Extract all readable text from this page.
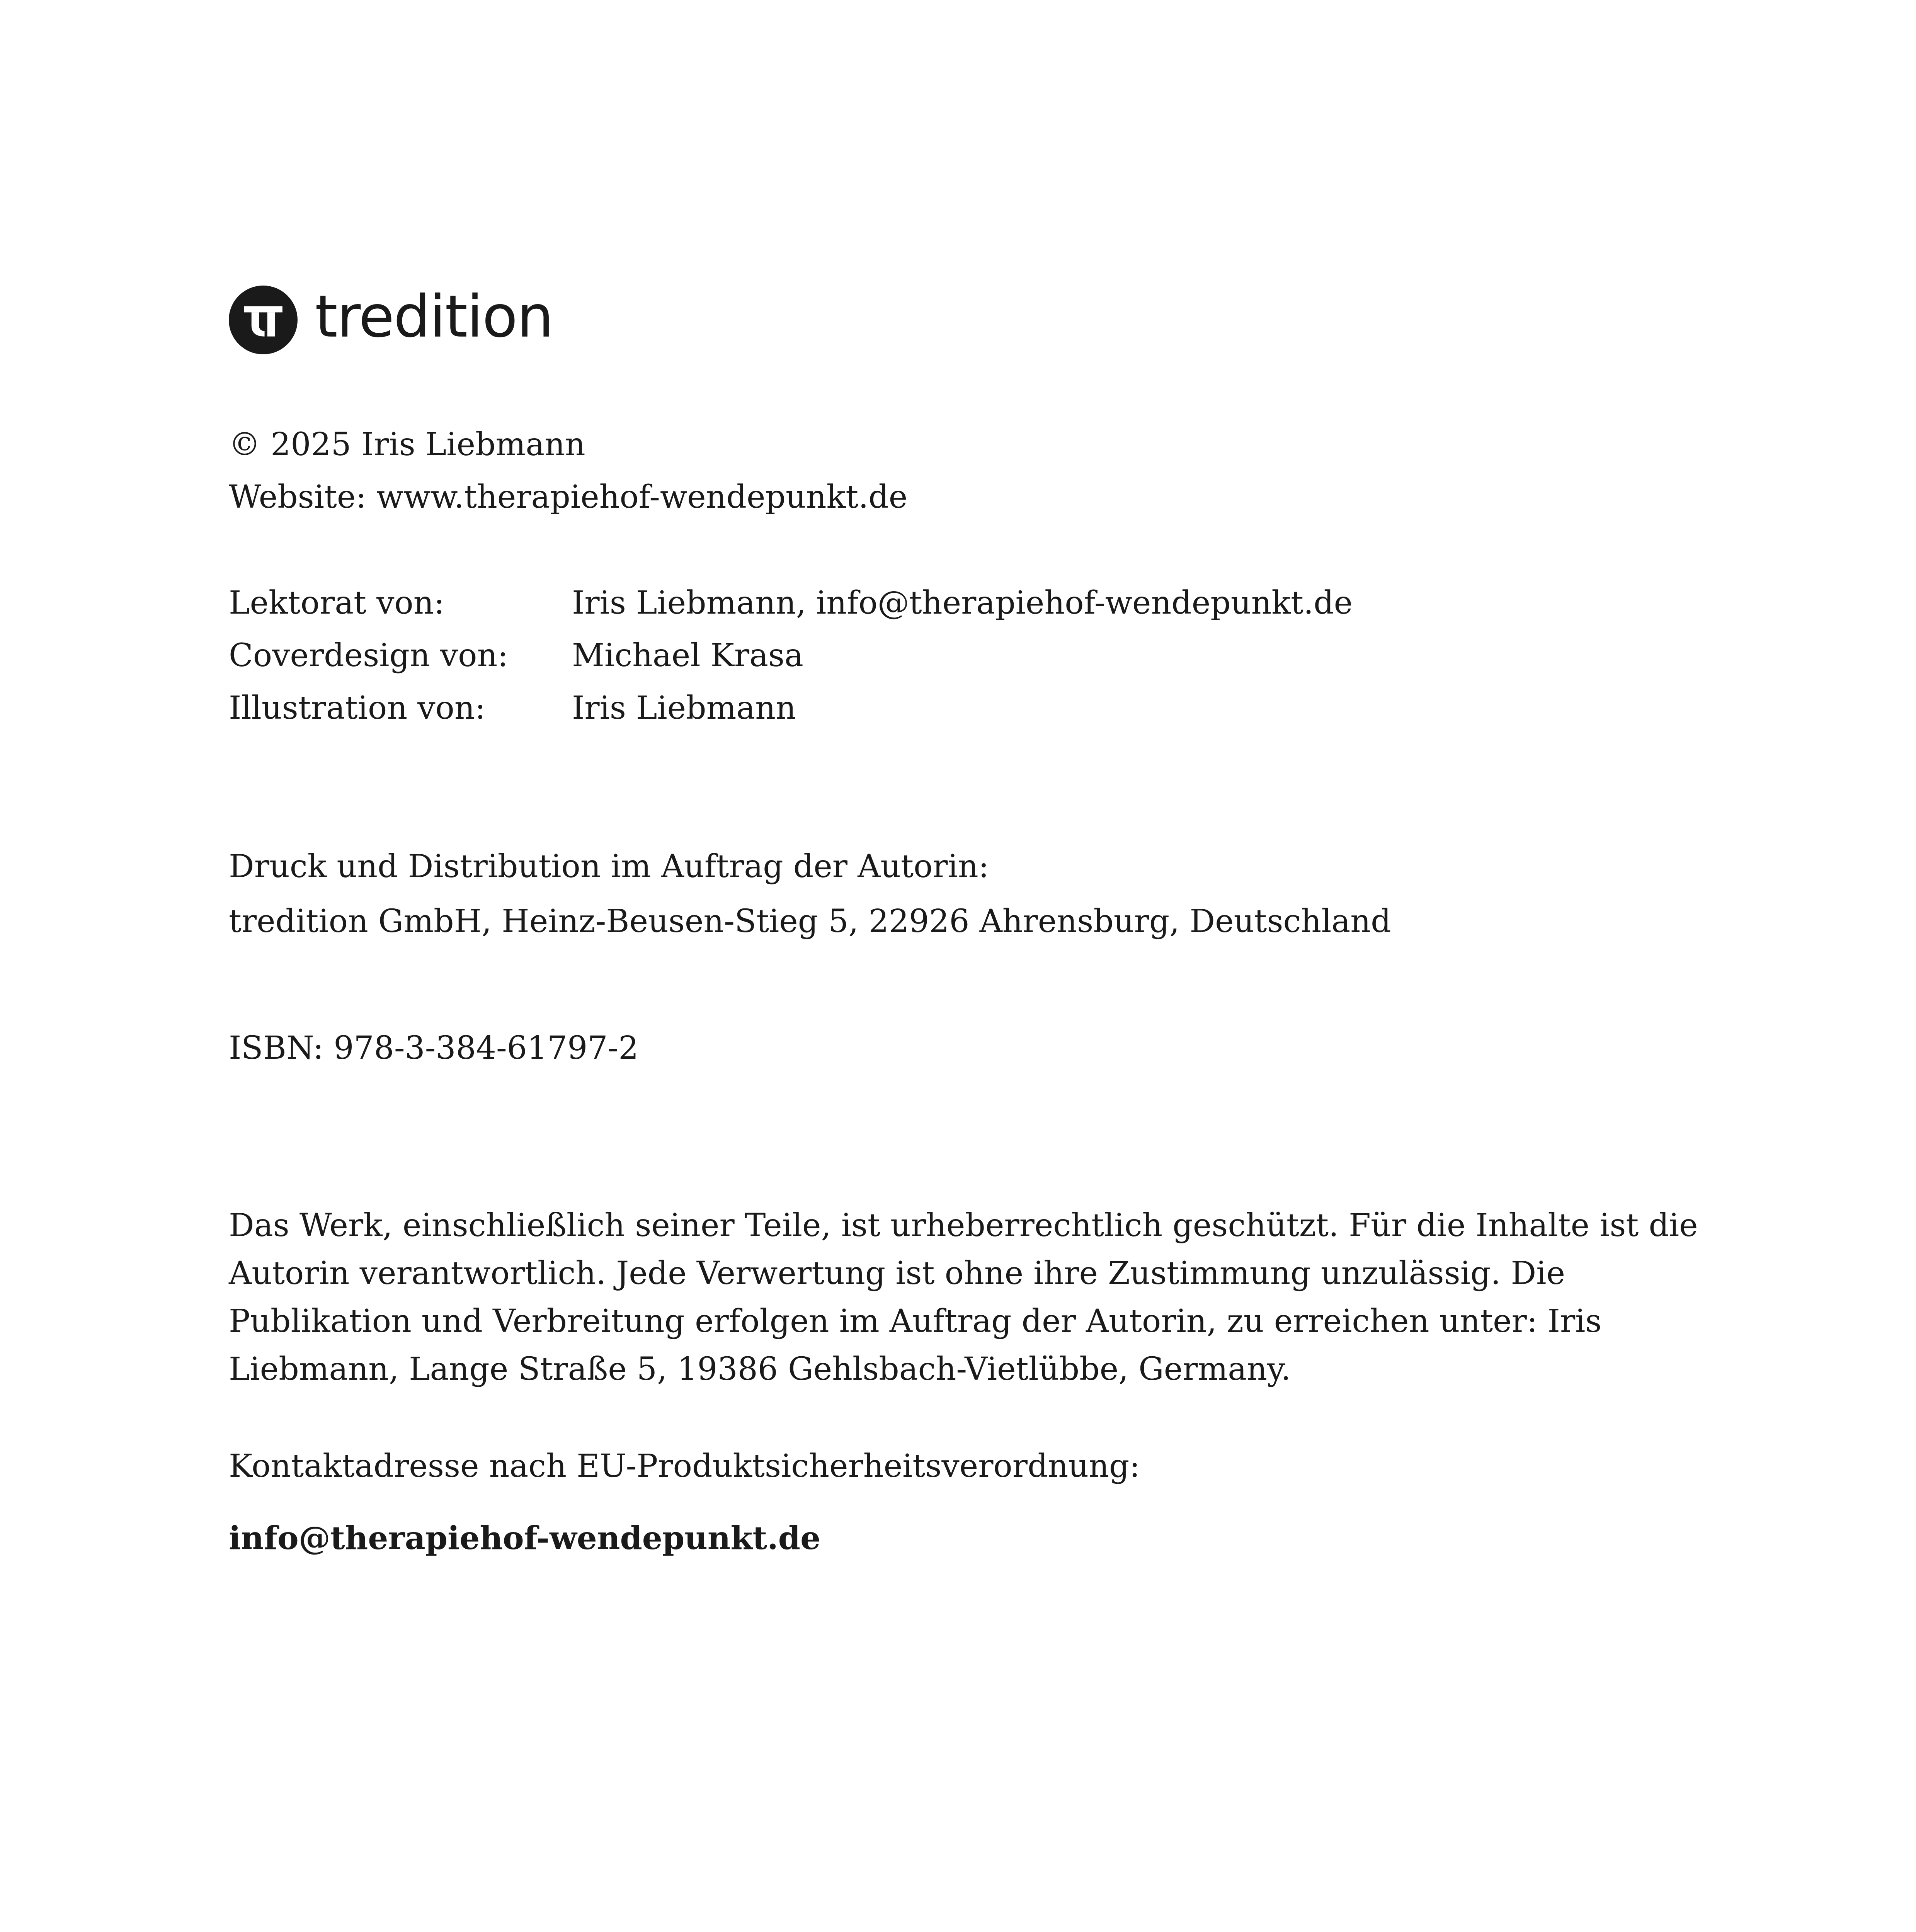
tredition
© 2025 Iris Liebmann
Website: www.therapiehof-wendepunkt.de
Lektorat von:	Iris Liebmann, info@therapiehof-wendepunkt.de
Coverdesign von: Michael Krasa
Illustration von:	Iris Liebmann
Druck und Distribution im Auftrag der Autorin:
tredition GmbH, Heinz-Beusen-Stieg 5, 22926 Ahrensburg, Deutschland
ISBN: 978-3-384-61797-2
Das Werk, einschließlich seiner Teile, ist urheberrechtlich geschützt. Für die Inhalte ist die
Autorin verantwortlich. Jede Verwertung ist ohne ihre Zustimmung unzulässig. Die
Publikation und Verbreitung erfolgen im Auftrag der Autorin, zu erreichen unter: Iris
Liebmann, Lange Straße 5, 19386 Gehlsbach-Vietlübbe, Germany.
Kontaktadresse nach EU-Produktsicherheitsverordnung:
info@therapiehof-wendepunkt.de
